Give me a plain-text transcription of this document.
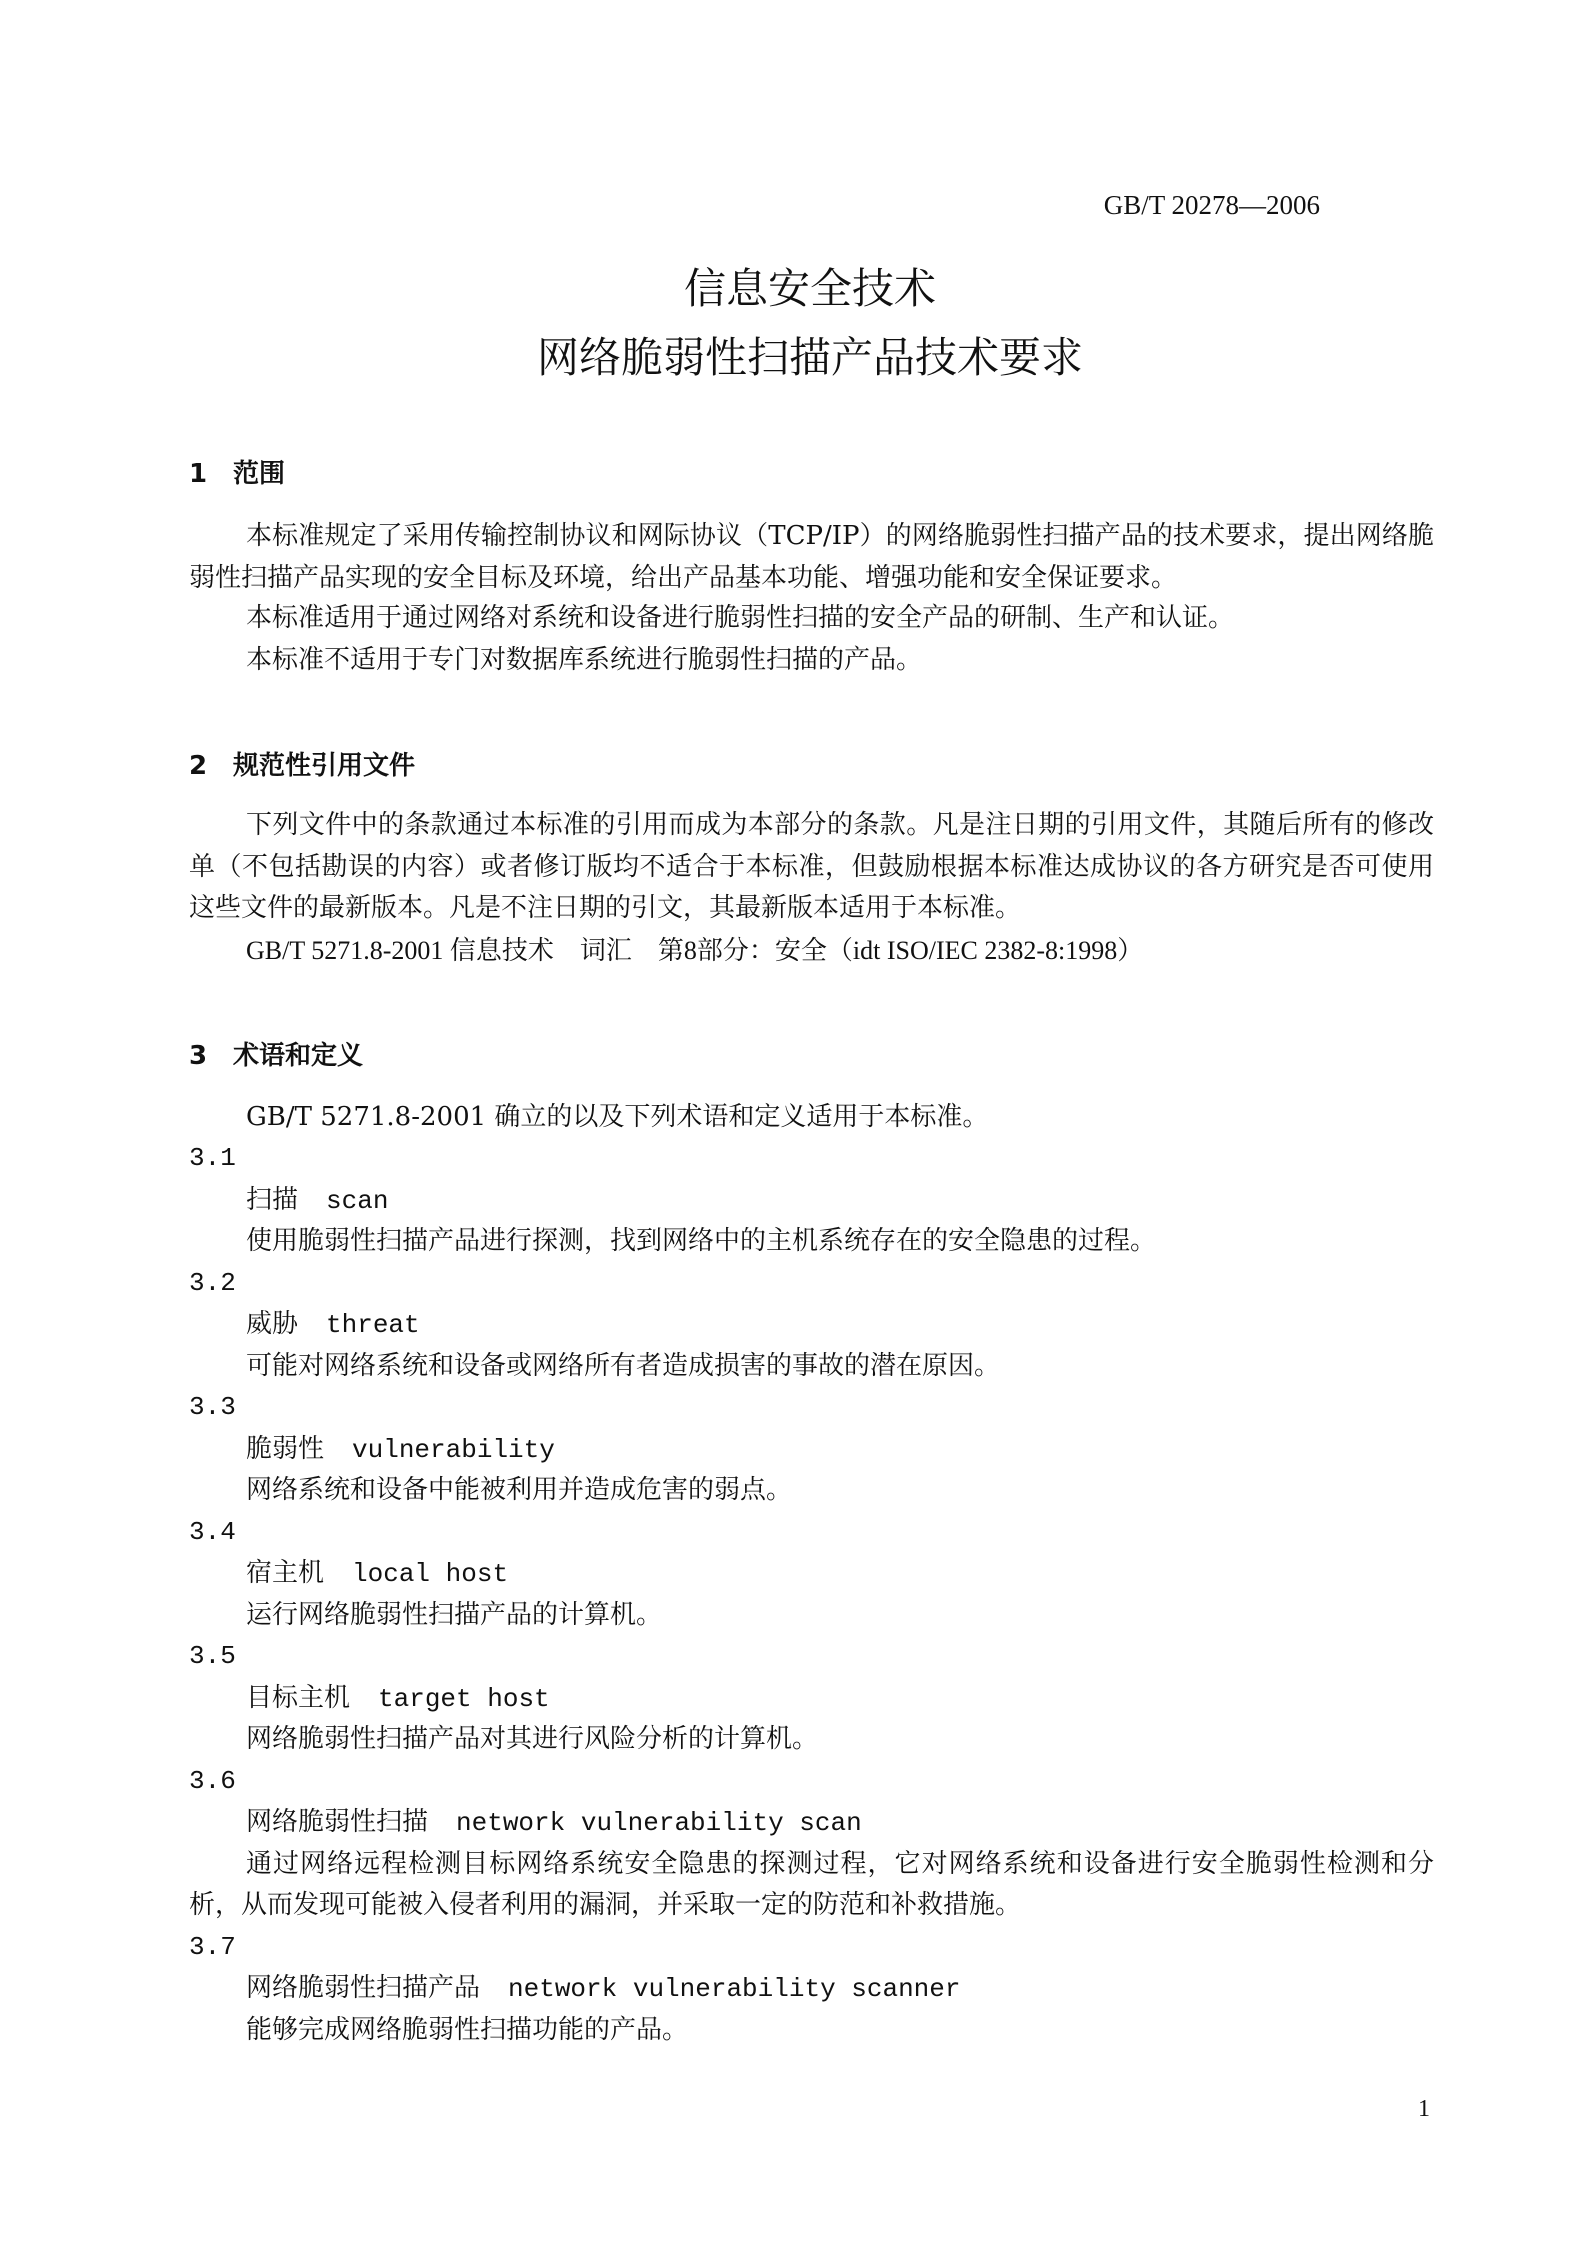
GB/T 20278—2006
信息安全技术
网络脆弱性扫描产品技术要求
1 范围
本标准规定了采用传输控制协议和网际协议（TCP/IP）的网络脆弱性扫描产品的技术要求，提出网络脆弱性扫描产品实现的安全目标及环境，给出产品基本功能、增强功能和安全保证要求。
本标准适用于通过网络对系统和设备进行脆弱性扫描的安全产品的研制、生产和认证。
本标准不适用于专门对数据库系统进行脆弱性扫描的产品。
2 规范性引用文件
下列文件中的条款通过本标准的引用而成为本部分的条款。凡是注日期的引用文件，其随后所有的修改单（不包括勘误的内容）或者修订版均不适合于本标准，但鼓励根据本标准达成协议的各方研究是否可使用这些文件的最新版本。凡是不注日期的引文，其最新版本适用于本标准。
GB/T 5271.8-2001 信息技术　词汇　第8部分：安全（idt ISO/IEC 2382-8:1998）
3 术语和定义
GB/T 5271.8-2001 确立的以及下列术语和定义适用于本标准。
3.1
扫描 scan
使用脆弱性扫描产品进行探测，找到网络中的主机系统存在的安全隐患的过程。
3.2
威胁 threat
可能对网络系统和设备或网络所有者造成损害的事故的潜在原因。
3.3
脆弱性 vulnerability
网络系统和设备中能被利用并造成危害的弱点。
3.4
宿主机 local host
运行网络脆弱性扫描产品的计算机。
3.5
目标主机 target host
网络脆弱性扫描产品对其进行风险分析的计算机。
3.6
网络脆弱性扫描 network vulnerability scan
通过网络远程检测目标网络系统安全隐患的探测过程，它对网络系统和设备进行安全脆弱性检测和分析，从而发现可能被入侵者利用的漏洞，并采取一定的防范和补救措施。
3.7
网络脆弱性扫描产品 network vulnerability scanner
能够完成网络脆弱性扫描功能的产品。
1
